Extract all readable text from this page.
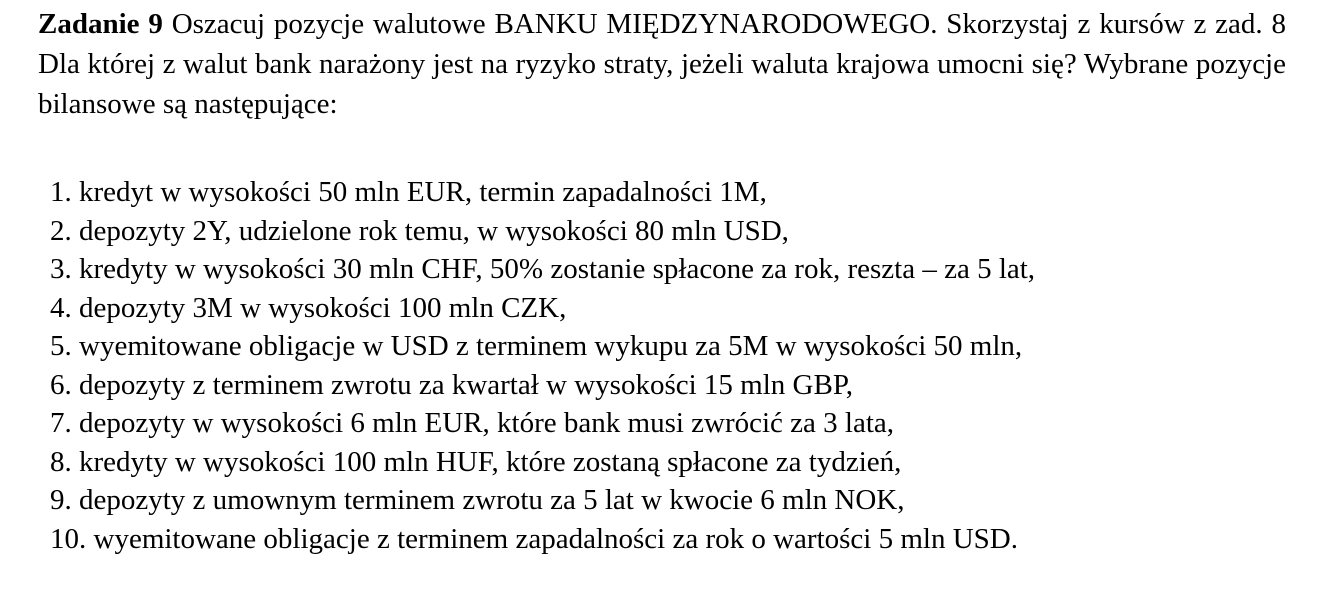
Zadanie 9 Oszacuj pozycje walutowe BANKU MIĘDZYNARODOWEGO. Skorzystaj z kursów z zad. 8 Dla której z walut bank narażony jest na ryzyko straty, jeżeli waluta krajowa umocni się? Wybrane pozycje bilansowe są następujące:

1. kredyt w wysokości 50 mln EUR, termin zapadalności 1M,
2. depozyty 2Y, udzielone rok temu, w wysokości 80 mln USD,
3. kredyty w wysokości 30 mln CHF, 50% zostanie spłacone za rok, reszta – za 5 lat,
4. depozyty 3M w wysokości 100 mln CZK,
5. wyemitowane obligacje w USD z terminem wykupu za 5M w wysokości 50 mln,
6. depozyty z terminem zwrotu za kwartał w wysokości 15 mln GBP,
7. depozyty w wysokości 6 mln EUR, które bank musi zwrócić za 3 lata,
8. kredyty w wysokości 100 mln HUF, które zostaną spłacone za tydzień,
9. depozyty z umownym terminem zwrotu za 5 lat w kwocie 6 mln NOK,
10. wyemitowane obligacje z terminem zapadalności za rok o wartości 5 mln USD.
